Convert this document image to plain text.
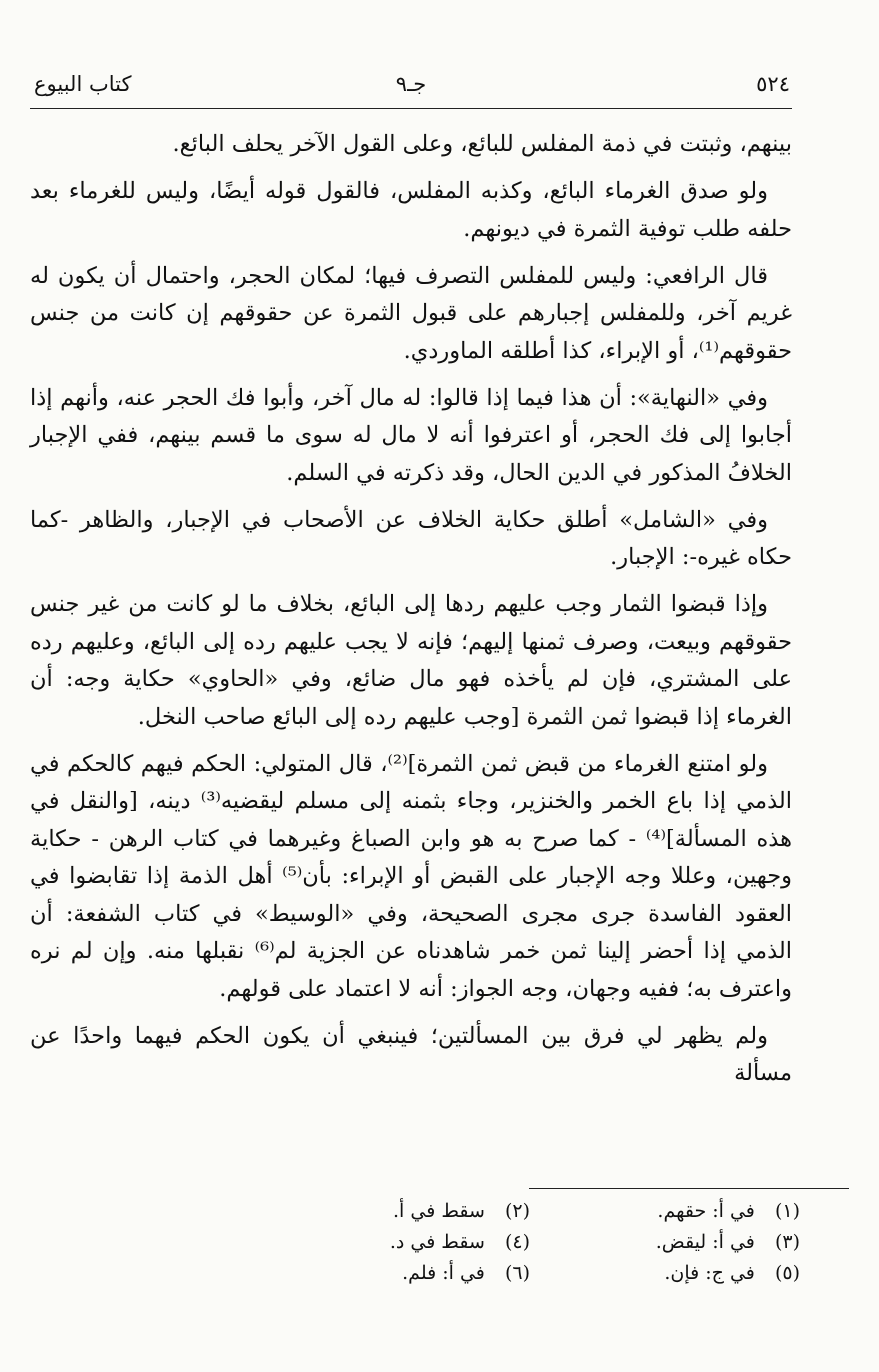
٥٢٤
جـ٩
كتاب البيوع

بينهم، وثبتت في ذمة المفلس للبائع، وعلى القول الآخر يحلف البائع.

ولو صدق الغرماء البائع، وكذبه المفلس، فالقول قوله أيضًا، وليس للغرماء بعد حلفه طلب توفية الثمرة في ديونهم.

قال الرافعي: وليس للمفلس التصرف فيها؛ لمكان الحجر، واحتمال أن يكون له غريم آخر، وللمفلس إجبارهم على قبول الثمرة عن حقوقهم إن كانت من جنس حقوقهم⁽¹⁾، أو الإبراء، كذا أطلقه الماوردي.

وفي «النهاية»: أن هذا فيما إذا قالوا: له مال آخر، وأبوا فك الحجر عنه، وأنهم إذا أجابوا إلى فك الحجر، أو اعترفوا أنه لا مال له سوى ما قسم بينهم، ففي الإجبار الخلافُ المذكور في الدين الحال، وقد ذكرته في السلم.

وفي «الشامل» أطلق حكاية الخلاف عن الأصحاب في الإجبار، والظاهر -كما حكاه غيره-: الإجبار.

وإذا قبضوا الثمار وجب عليهم ردها إلى البائع، بخلاف ما لو كانت من غير جنس حقوقهم وبيعت، وصرف ثمنها إليهم؛ فإنه لا يجب عليهم رده إلى البائع، وعليهم رده على المشتري، فإن لم يأخذه فهو مال ضائع، وفي «الحاوي» حكاية وجه: أن الغرماء إذا قبضوا ثمن الثمرة [وجب عليهم رده إلى البائع صاحب النخل.

ولو امتنع الغرماء من قبض ثمن الثمرة]⁽²⁾، قال المتولي: الحكم فيهم كالحكم في الذمي إذا باع الخمر والخنزير، وجاء بثمنه إلى مسلم ليقضيه⁽³⁾ دينه، [والنقل في هذه المسألة]⁽⁴⁾ - كما صرح به هو وابن الصباغ وغيرهما في كتاب الرهن - حكاية وجهين، وعللا وجه الإجبار على القبض أو الإبراء: بأن⁽⁵⁾ أهل الذمة إذا تقابضوا في العقود الفاسدة جرى مجرى الصحيحة، وفي «الوسيط» في كتاب الشفعة: أن الذمي إذا أحضر إلينا ثمن خمر شاهدناه عن الجزية لم⁽⁶⁾ نقبلها منه. وإن لم نره واعترف به؛ ففيه وجهان، وجه الجواز: أنه لا اعتماد على قولهم.

ولم يظهر لي فرق بين المسألتين؛ فينبغي أن يكون الحكم فيهما واحدًا عن مسألة

(١) في أ: حقهم.
(٢) سقط في أ.
(٣) في أ: ليقض.
(٤) سقط في د.
(٥) في ج: فإن.
(٦) في أ: فلم.
